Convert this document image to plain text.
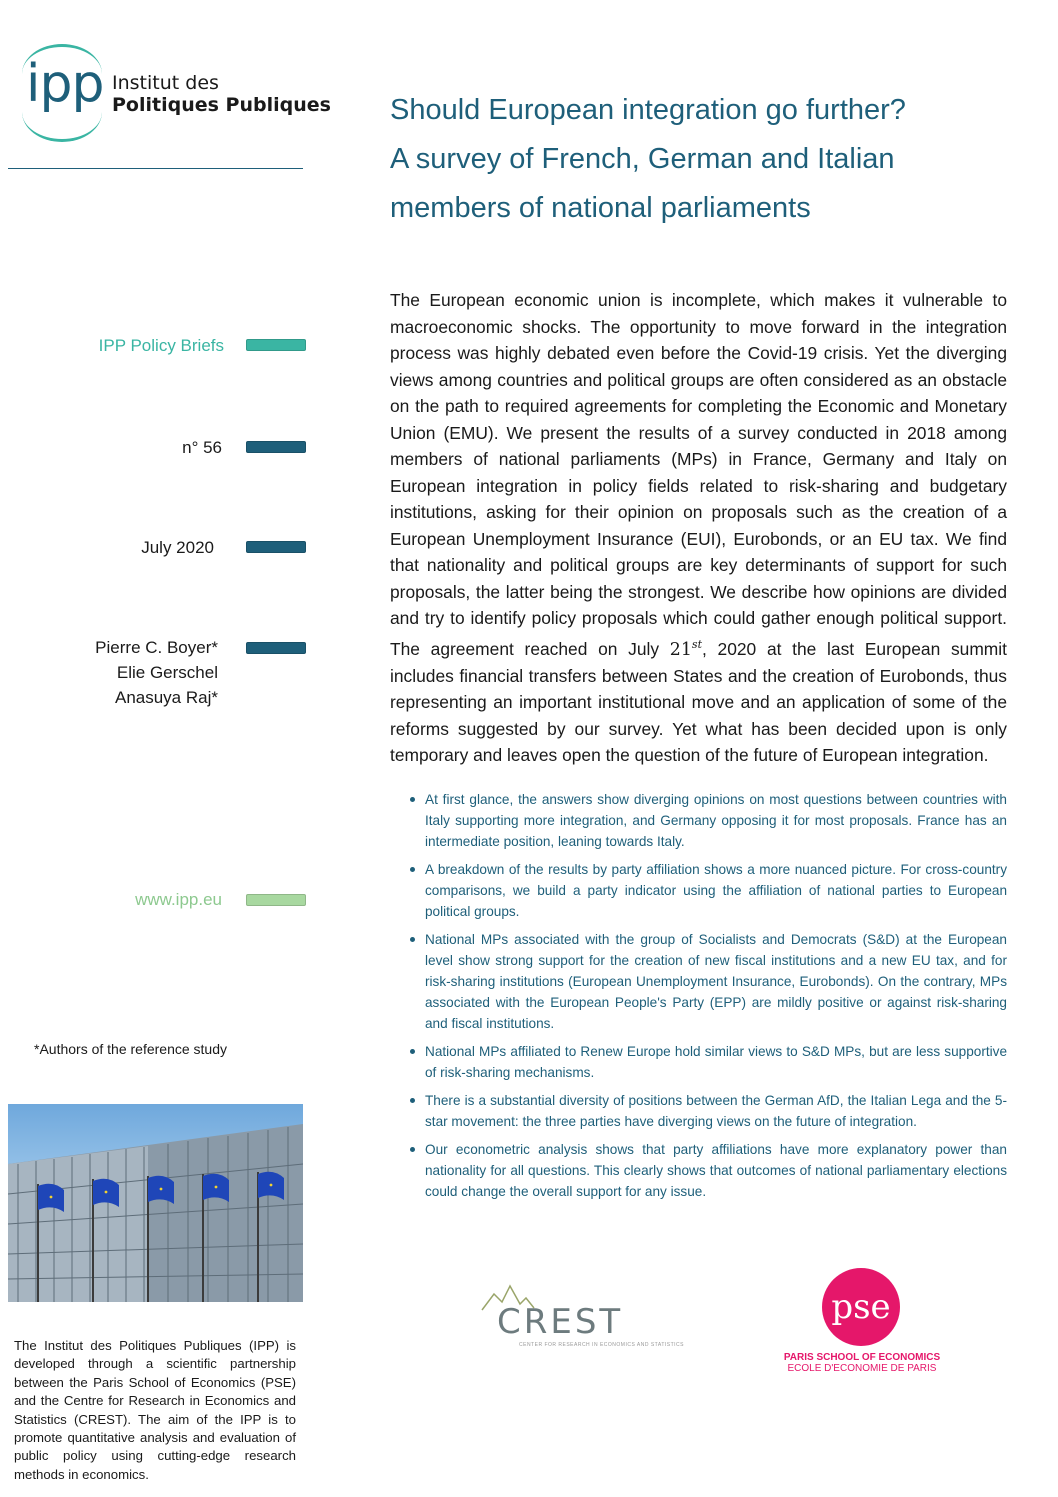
ipp Institut des
Politiques Publiques Should European integration go further?
A survey of French, German and Italian
members of national parliaments
IPP Policy Briefs
n° 56
July 2020
Pierre C. Boyer*
Elie Gerschel
Anasuya Raj*
www.ipp.eu
*Authors of the reference study
The Institut des Politiques Publiques (IPP) is developed through a scientific partnership between the Paris School of Economics (PSE) and the Centre for Research in Economics and Statistics (CREST). The aim of the IPP is to promote quantitative analysis and evaluation of public policy using cutting-edge research methods in economics.
The European economic union is incomplete, which makes it vulnerable to macroeconomic shocks. The opportunity to move forward in the integration process was highly debated even before the Covid-19 crisis. Yet the diverging views among countries and political groups are often considered as an obstacle on the path to required agreements for completing the Economic and Monetary Union (EMU). We present the results of a survey conducted in 2018 among members of national parliaments (MPs) in France, Germany and Italy on European integration in policy fields related to risk-sharing and budgetary institutions, asking for their opinion on proposals such as the creation of a European Unemployment Insurance (EUI), Eurobonds, or an EU tax. We find that nationality and political groups are key determinants of support for such proposals, the latter being the strongest. We describe how opinions are divided and try to identify policy proposals which could gather enough political support. The agreement reached on July 21st, 2020 at the last European summit includes financial transfers between States and the creation of Eurobonds, thus representing an important institutional move and an application of some of the reforms suggested by our survey. Yet what has been decided upon is only temporary and leaves open the question of the future of European integration.
At first glance, the answers show diverging opinions on most questions between countries with Italy supporting more integration, and Germany opposing it for most proposals. France has an intermediate position, leaning towards Italy.
A breakdown of the results by party affiliation shows a more nuanced picture. For cross-country comparisons, we build a party indicator using the affiliation of national parties to European political groups.
National MPs associated with the group of Socialists and Democrats (S&D) at the European level show strong support for the creation of new fiscal institutions and a new EU tax, and for risk-sharing institutions (European Unemployment Insurance, Eurobonds). On the contrary, MPs associated with the European People's Party (EPP) are mildly positive or against risk-sharing and fiscal institutions.
National MPs affiliated to Renew Europe hold similar views to S&D MPs, but are less supportive of risk-sharing mechanisms.
There is a substantial diversity of positions between the German AfD, the Italian Lega and the 5-star movement: the three parties have diverging views on the future of integration.
Our econometric analysis shows that party affiliations have more explanatory power than nationality for all questions. This clearly shows that outcomes of national parliamentary elections could change the overall support for any issue.
CREST
CENTER FOR RESEARCH IN ECONOMICS AND STATISTICS
pse
PARIS SCHOOL OF ECONOMICS
ECOLE D'ECONOMIE DE PARIS
